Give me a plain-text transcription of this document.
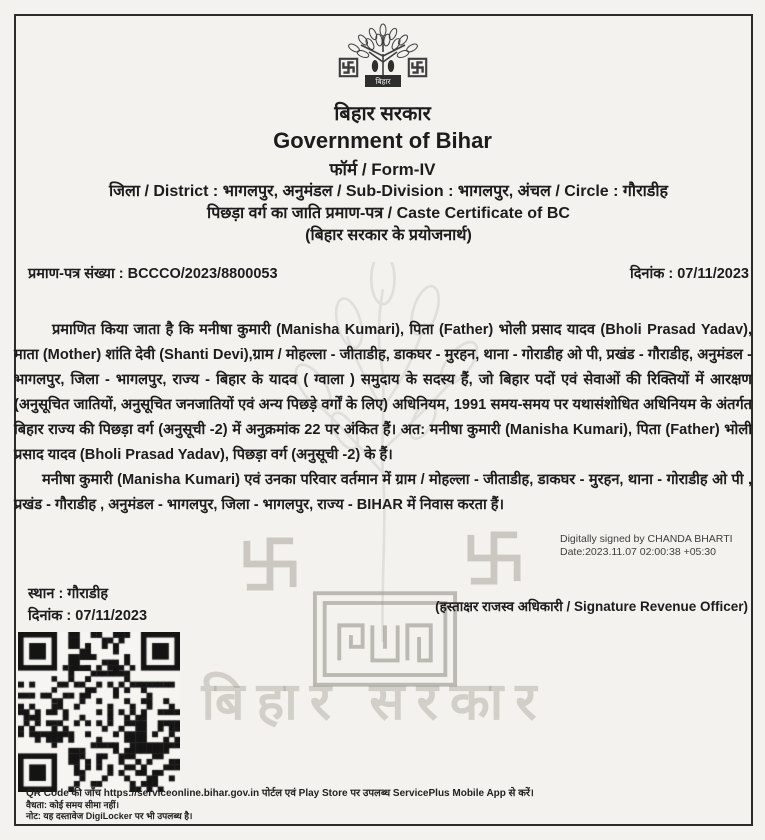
बिहार सरकार
बिहार
बिहार सरकार
Government of Bihar
फॉर्म / Form-IV
जिला / District : भागलपुर, अनुमंडल / Sub-Division : भागलपुर, अंचल / Circle : गौराडीह
पिछड़ा वर्ग का जाति प्रमाण-पत्र / Caste Certificate of BC
(बिहार सरकार के प्रयोजनार्थ)
प्रमाण-पत्र संख्या : BCCCO/2023/8800053	दिनांक : 07/11/2023
प्रमाणित किया जाता है कि मनीषा कुमारी (Manisha Kumari), पिता (Father) भोली प्रसाद यादव (Bholi Prasad Yadav), माता (Mother) शांति देवी (Shanti Devi),ग्राम / मोहल्ला - जीताडीह, डाकघर - मुरहन, थाना - गोराडीह ओ पी, प्रखंड - गौराडीह, अनुमंडल - भागलपुर, जिला - भागलपुर, राज्य - बिहार के यादव ( ग्वाला ) समुदाय के सदस्य हैं, जो बिहार पदों एवं सेवाओं की रिक्तियों में आरक्षण (अनुसूचित जातियों, अनुसूचित जनजातियों एवं अन्य पिछड़े वर्गों के लिए) अधिनियम, 1991 समय-समय पर यथासंशोधित अधिनियम के अंतर्गत बिहार राज्य की पिछड़ा वर्ग (अनुसूची -2) में अनुक्रमांक 22 पर अंकित हैं। अत: मनीषा कुमारी (Manisha Kumari), पिता (Father) भोली प्रसाद यादव (Bholi Prasad Yadav), पिछड़ा वर्ग (अनुसूची -2) के हैं।
मनीषा कुमारी (Manisha Kumari) एवं उनका परिवार वर्तमान में ग्राम / मोहल्ला - जीताडीह, डाकघर - मुरहन, थाना - गोराडीह ओ पी , प्रखंड - गौराडीह , अनुमंडल - भागलपुर, जिला - भागलपुर, राज्य - BIHAR में निवास करता हैं।
Digitally signed by CHANDA BHARTI
Date:2023.11.07 02:00:38 +05:30
स्थान : गौराडीह
दिनांक : 07/11/2023
(हस्ताक्षर राजस्व अधिकारी / Signature Revenue Officer)
QR Code की जाँच https://serviceonline.bihar.gov.in पोर्टल एवं Play Store पर उपलब्ध ServicePlus Mobile App से करें।
वैधता: कोई समय सीमा नहीं।
नोट: यह दस्तावेज DigiLocker पर भी उपलब्ध है।
